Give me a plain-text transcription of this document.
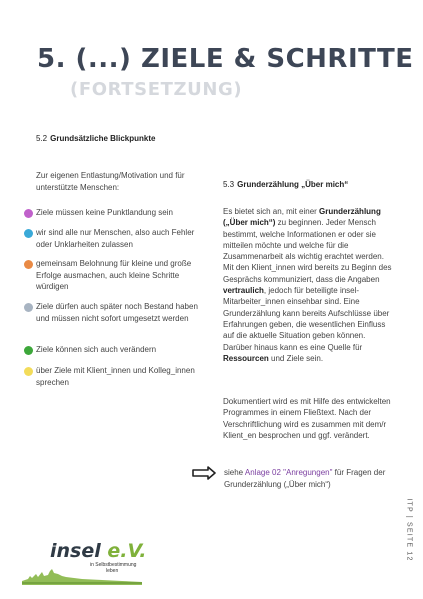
5. (...) ZIELE & SCHRITTE
(FORTSETZUNG)
5.2 Grundsätzliche Blickpunkte
Zur eigenen Entlastung/Motivation und für unterstützte Menschen:
Ziele müssen keine Punktlandung sein
wir sind alle nur Menschen, also auch Fehler oder Unklarheiten zulassen
gemeinsam Belohnung für kleine und große Erfolge ausmachen, auch kleine Schritte würdigen
Ziele dürfen auch später noch Bestand haben und müssen nicht sofort umgesetzt werden
Ziele können sich auch verändern
über Ziele mit Klient_innen und Kolleg_innen sprechen
5.3 Grunderzählung „Über mich“
Es bietet sich an, mit einer Grunderzählung („Über mich“) zu beginnen. Jeder Mensch bestimmt, welche Informationen er oder sie mitteilen möchte und welche für die Zusammenarbeit als wichtig erachtet werden. Mit den Klient_innen wird bereits zu Beginn des Gesprächs kommuniziert, dass die Angaben vertraulich, jedoch für beteiligte insel-Mitarbeiter_innen einsehbar sind. Eine Grunderzählung kann bereits Aufschlüsse über Erfahrungen geben, die wesentlichen Einfluss auf die aktuelle Situation geben können. Darüber hinaus kann es eine Quelle für Ressourcen und Ziele sein.
Dokumentiert wird es mit Hilfe des entwickelten Programmes in einem Fließtext. Nach der Verschriftlichung wird es zusammen mit dem/r Klient_en besprochen und ggf. verändert.
siehe Anlage 02 "Anregungen" für Fragen der Grunderzählung („Über mich“)
ITP | SEITE 12
insel e.V.
in Selbstbestimmung
leben
